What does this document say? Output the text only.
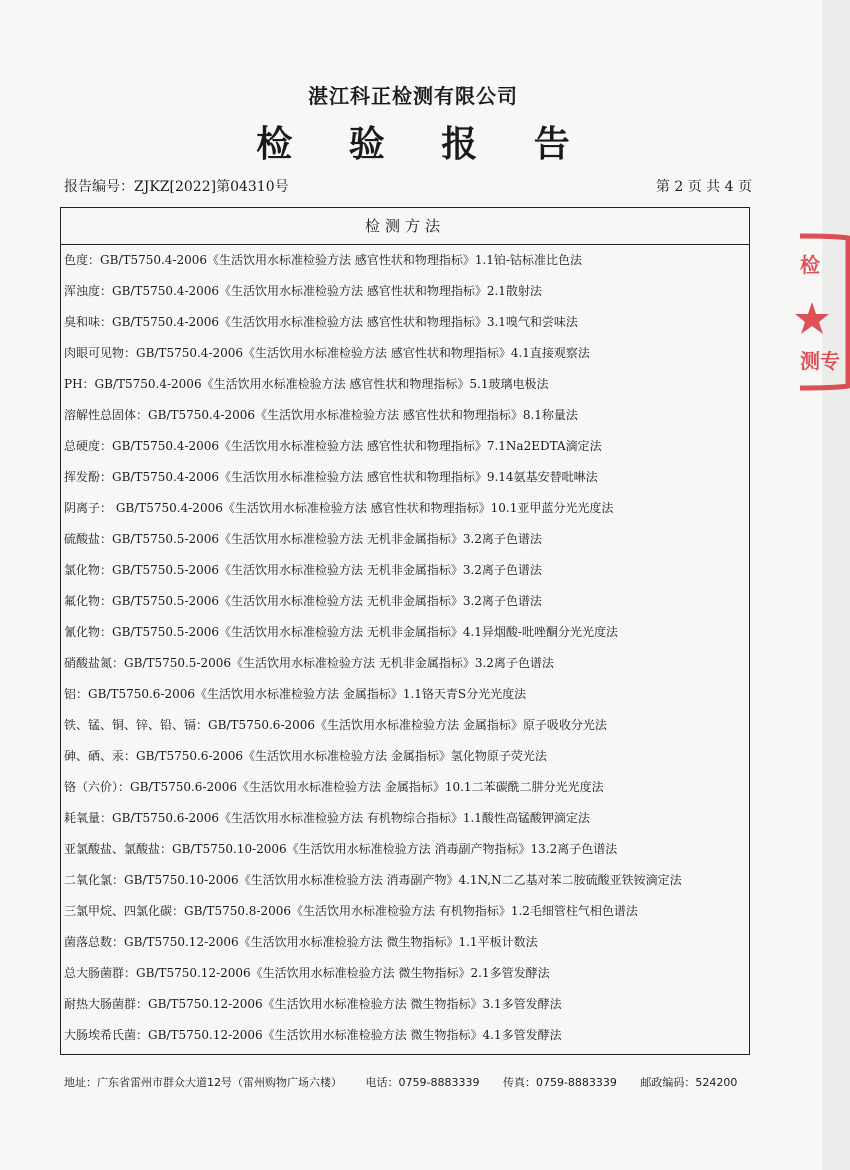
湛江科正检测有限公司
检 验 报 告
报告编号：ZJKZ[2022]第04310号	第 2 页 共 4 页
检测方法
色度：GB/T5750.4-2006《生活饮用水标准检验方法 感官性状和物理指标》1.1铂-钴标准比色法
浑浊度：GB/T5750.4-2006《生活饮用水标准检验方法 感官性状和物理指标》2.1散射法
臭和味：GB/T5750.4-2006《生活饮用水标准检验方法 感官性状和物理指标》3.1嗅气和尝味法
肉眼可见物：GB/T5750.4-2006《生活饮用水标准检验方法 感官性状和物理指标》4.1直接观察法
PH：GB/T5750.4-2006《生活饮用水标准检验方法 感官性状和物理指标》5.1玻璃电极法
溶解性总固体：GB/T5750.4-2006《生活饮用水标准检验方法 感官性状和物理指标》8.1称量法
总硬度：GB/T5750.4-2006《生活饮用水标准检验方法 感官性状和物理指标》7.1Na2EDTA滴定法
挥发酚：GB/T5750.4-2006《生活饮用水标准检验方法 感官性状和物理指标》9.14氨基安替吡啉法
阴离子： GB/T5750.4-2006《生活饮用水标准检验方法 感官性状和物理指标》10.1亚甲蓝分光光度法
硫酸盐：GB/T5750.5-2006《生活饮用水标准检验方法 无机非金属指标》3.2离子色谱法
氯化物：GB/T5750.5-2006《生活饮用水标准检验方法 无机非金属指标》3.2离子色谱法
氟化物：GB/T5750.5-2006《生活饮用水标准检验方法 无机非金属指标》3.2离子色谱法
氰化物：GB/T5750.5-2006《生活饮用水标准检验方法 无机非金属指标》4.1异烟酸-吡唑酮分光光度法
硝酸盐氮：GB/T5750.5-2006《生活饮用水标准检验方法 无机非金属指标》3.2离子色谱法
铝：GB/T5750.6-2006《生活饮用水标准检验方法 金属指标》1.1铬天青S分光光度法
铁、锰、铜、锌、铅、镉：GB/T5750.6-2006《生活饮用水标准检验方法 金属指标》原子吸收分光法
砷、硒、汞：GB/T5750.6-2006《生活饮用水标准检验方法 金属指标》氢化物原子荧光法
铬（六价）：GB/T5750.6-2006《生活饮用水标准检验方法 金属指标》10.1二苯碳酰二肼分光光度法
耗氧量：GB/T5750.6-2006《生活饮用水标准检验方法 有机物综合指标》1.1酸性高锰酸钾滴定法
亚氯酸盐、氯酸盐：GB/T5750.10-2006《生活饮用水标准检验方法 消毒副产物指标》13.2离子色谱法
二氧化氯：GB/T5750.10-2006《生活饮用水标准检验方法 消毒副产物》4.1N,N二乙基对苯二胺硫酸亚铁铵滴定法
三氯甲烷、四氯化碳：GB/T5750.8-2006《生活饮用水标准检验方法 有机物指标》1.2毛细管柱气相色谱法
菌落总数：GB/T5750.12-2006《生活饮用水标准检验方法 微生物指标》1.1平板计数法
总大肠菌群：GB/T5750.12-2006《生活饮用水标准检验方法 微生物指标》2.1多管发酵法
耐热大肠菌群：GB/T5750.12-2006《生活饮用水标准检验方法 微生物指标》3.1多管发酵法
大肠埃希氏菌：GB/T5750.12-2006《生活饮用水标准检验方法 微生物指标》4.1多管发酵法
地址：广东省雷州市群众大道12号（雷州购物广场六楼） 电话：0759-8883339 传真：0759-8883339 邮政编码：524200
检
测专
